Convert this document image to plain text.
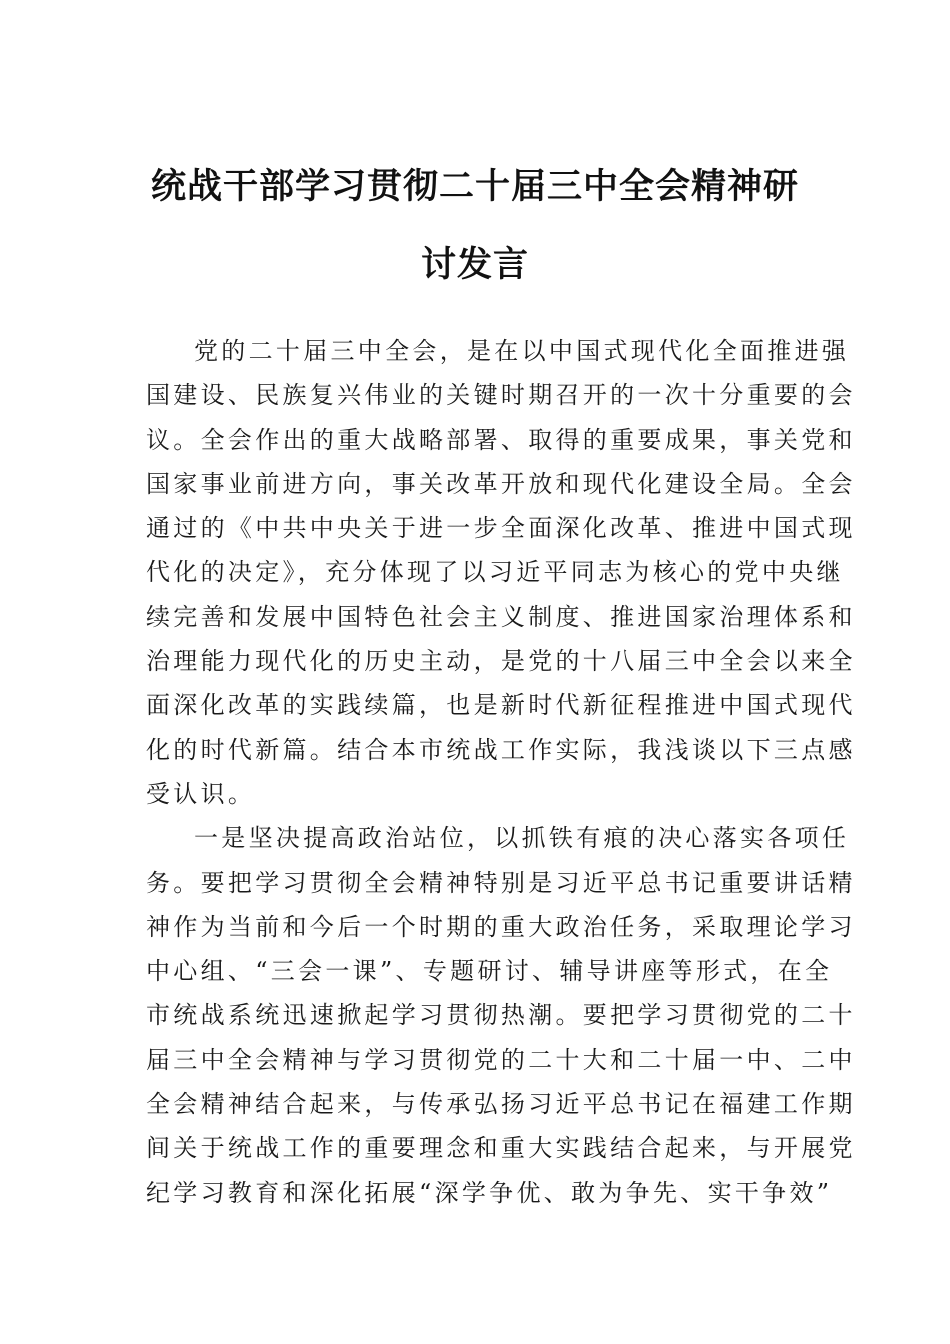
统战干部学习贯彻二十届三中全会精神研
讨发言

党的二十届三中全会，是在以中国式现代化全面推进强
国建设、民族复兴伟业的关键时期召开的一次十分重要的会
议。全会作出的重大战略部署、取得的重要成果，事关党和
国家事业前进方向，事关改革开放和现代化建设全局。全会
通过的《中共中央关于进一步全面深化改革、推进中国式现
代化的决定》，充分体现了以习近平同志为核心的党中央继
续完善和发展中国特色社会主义制度、推进国家治理体系和
治理能力现代化的历史主动，是党的十八届三中全会以来全
面深化改革的实践续篇，也是新时代新征程推进中国式现代
化的时代新篇。结合本市统战工作实际，我浅谈以下三点感
受认识。

一是坚决提高政治站位，以抓铁有痕的决心落实各项任
务。要把学习贯彻全会精神特别是习近平总书记重要讲话精
神作为当前和今后一个时期的重大政治任务，采取理论学习
中心组、“三会一课”、专题研讨、辅导讲座等形式，在全
市统战系统迅速掀起学习贯彻热潮。要把学习贯彻党的二十
届三中全会精神与学习贯彻党的二十大和二十届一中、二中
全会精神结合起来，与传承弘扬习近平总书记在福建工作期
间关于统战工作的重要理念和重大实践结合起来，与开展党
纪学习教育和深化拓展“深学争优、敢为争先、实干争效”
